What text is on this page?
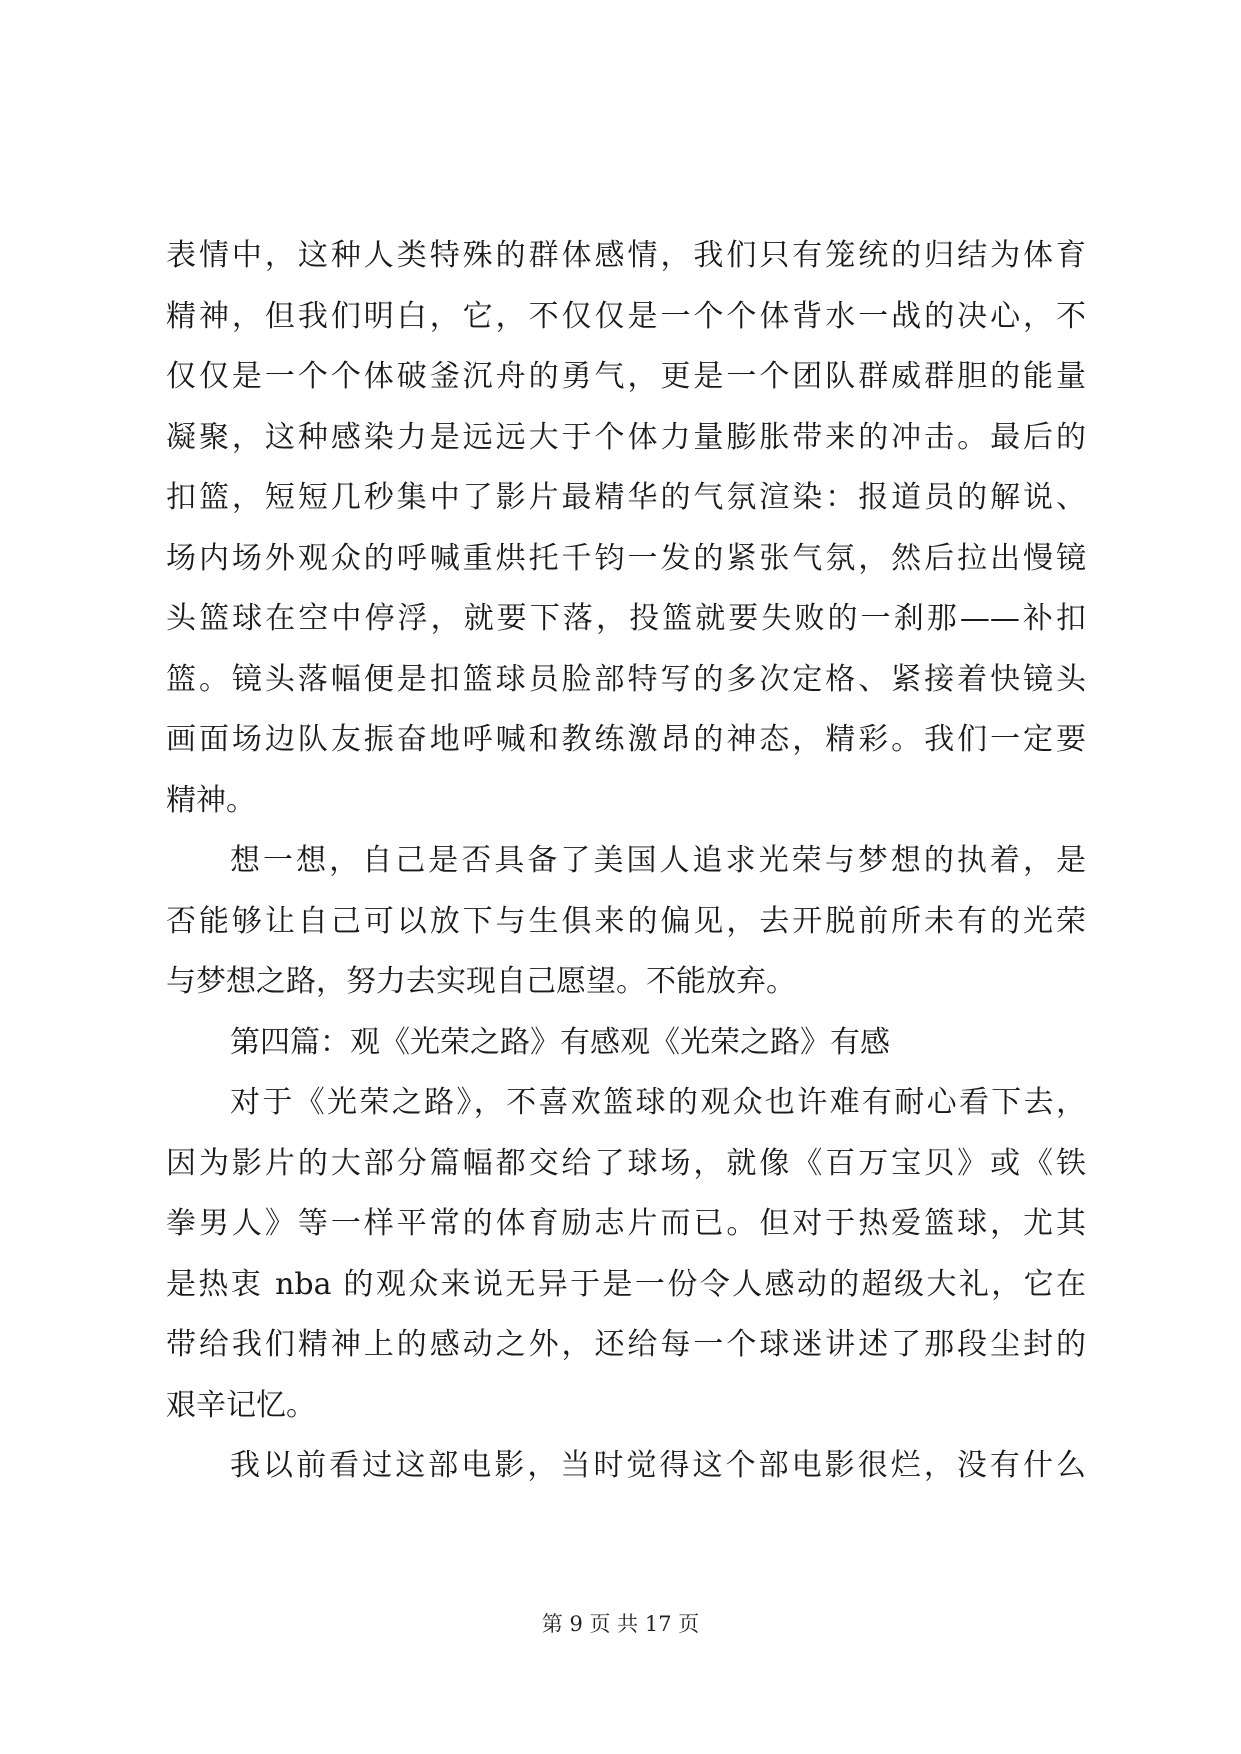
表情中，这种人类特殊的群体感情，我们只有笼统的归结为体育
精神，但我们明白，它，不仅仅是一个个体背水一战的决心，不
仅仅是一个个体破釜沉舟的勇气，更是一个团队群威群胆的能量
凝聚，这种感染力是远远大于个体力量膨胀带来的冲击。最后的
扣篮，短短几秒集中了影片最精华的气氛渲染：报道员的解说、
场内场外观众的呼喊重烘托千钧一发的紧张气氛，然后拉出慢镜
头篮球在空中停浮，就要下落，投篮就要失败的一刹那——补扣
篮。镜头落幅便是扣篮球员脸部特写的多次定格、紧接着快镜头
画面场边队友振奋地呼喊和教练激昂的神态，精彩。我们一定要
精神。
想一想，自己是否具备了美国人追求光荣与梦想的执着，是
否能够让自己可以放下与生俱来的偏见，去开脱前所未有的光荣
与梦想之路，努力去实现自己愿望。不能放弃。
第四篇：观《光荣之路》有感观《光荣之路》有感
对于《光荣之路》，不喜欢篮球的观众也许难有耐心看下去，
因为影片的大部分篇幅都交给了球场，就像《百万宝贝》或《铁
拳男人》等一样平常的体育励志片而已。但对于热爱篮球，尤其
是热衷 nba 的观众来说无异于是一份令人感动的超级大礼，它在
带给我们精神上的感动之外，还给每一个球迷讲述了那段尘封的
艰辛记忆。
我以前看过这部电影，当时觉得这个部电影很烂，没有什么
第 9 页 共 17 页
